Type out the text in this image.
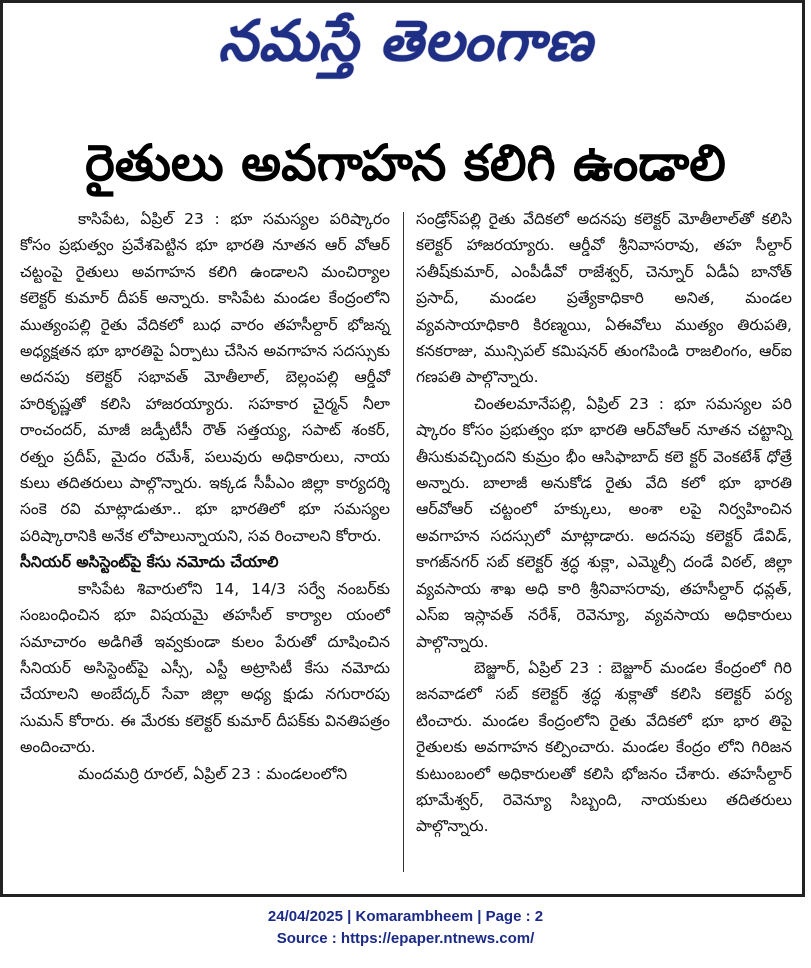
నమస్తే తెలంగాణ
రైతులు అవగాహన కలిగి ఉండాలి

కాసిపేట, ఏప్రిల్ 23 : భూ సమస్యల పరిష్కారం కోసం ప్రభుత్వం ప్రవేశపెట్టిన భూ భారతి నూతన ఆర్ వోఆర్ చట్టంపై రైతులు అవగాహన కలిగి ఉండాలని మంచిర్యాల కలెక్టర్ కుమార్ దీపక్ అన్నారు. కాసిపేట మండల కేంద్రంలోని ముత్యంపల్లి రైతు వేదికలో బుధ వారం తహసీల్దార్ భోజన్న అధ్యక్షతన భూ భారతిపై ఏర్పాటు చేసిన అవగాహన సదస్సుకు అదనపు కలెక్టర్ సభావత్ మోతీలాల్, బెల్లంపల్లి ఆర్డీవో హరికృష్ణతో కలిసి హాజరయ్యారు. సహకార చైర్మన్ నీలా రాంచందర్, మాజీ జడ్పీటీసీ రౌత్ సత్తయ్య, సపాట్ శంకర్, రత్నం ప్రదీప్, మైదం రమేశ్, పలువురు అధికారులు, నాయ కులు తదితరులు పాల్గొన్నారు. ఇక్కడ సీపీఎం జిల్లా కార్యదర్శి సంకె రవి మాట్లాడుతూ.. భూ భారతిలో భూ సమస్యల పరిష్కారానికి అనేక లోపాలున్నాయని, సవ రించాలని కోరారు.

సీనియర్ అసిస్టెంట్‌పై కేసు నమోదు చేయాలి

కాసిపేట శివారులోని 14, 14/3 సర్వే నంబర్‌కు సంబంధించిన భూ విషయమై తహసీల్ కార్యాల యంలో సమాచారం అడిగితే ఇవ్వకుండా కులం పేరుతో దూషించిన సీనియర్ అసిస్టెంట్‌పై ఎస్సీ, ఎస్టీ అట్రాసిటీ కేసు నమోదు చేయాలని అంబేద్కర్ సేవా జిల్లా అధ్య క్షుడు నగురారపు సుమన్ కోరారు. ఈ మేరకు కలెక్టర్ కుమార్ దీపక్‌కు వినతిపత్రం అందించారు.

మందమర్రి రూరల్, ఏప్రిల్ 23 : మండలంలోని

సండ్రోన్‌పల్లి రైతు వేదికలో అదనపు కలెక్టర్ మోతీలాల్‌తో కలిసి కలెక్టర్ హాజరయ్యారు. ఆర్డీవో శ్రీనివాసరావు, తహ సీల్దార్ సతీష్‌కుమార్, ఎంపీడీవో రాజేశ్వర్, చెన్నూర్ ఏడీఏ బానోత్ ప్రసాద్, మండల ప్రత్యేకాధికారి అనిత, మండల వ్యవసాయాధికారి కిరణ్మయి, ఏఈవోలు ముత్యం తిరుపతి, కనకరాజు, మున్సిపల్ కమిషనర్ తుంగపిండి రాజలింగం, ఆర్ఐ గణపతి పాల్గొన్నారు.

చింతలమానేపల్లి, ఏప్రిల్ 23 : భూ సమస్యల పరి ష్కారం కోసం ప్రభుత్వం భూ భారతి ఆర్‌వోఆర్ నూతన చట్టాన్ని తీసుకువచ్చిందని కుమ్రం భీం ఆసిఫాబాద్ కలె క్టర్ వెంకటేశ్ ధోత్రే అన్నారు. బాలాజీ అనుకోడ రైతు వేది కలో భూ భారతి ఆర్‌వోఆర్ చట్టంలో హక్కులు, అంశా లపై నిర్వహించిన అవగాహన సదస్సులో మాట్లాడారు. అదనపు కలెక్టర్ డేవిడ్, కాగజ్‌నగర్ సబ్ కలెక్టర్ శ్రద్ధ శుక్లా, ఎమ్మెల్సీ దండే విఠల్, జిల్లా వ్యవసాయ శాఖ అధి కారి శ్రీనివాసరావు, తహసీల్దార్ ధవ్లత్, ఎస్ఐ ఇస్లావత్ నరేశ్, రెవెన్యూ, వ్యవసాయ అధికారులు పాల్గొన్నారు.

బెజ్జూర్, ఏప్రిల్ 23 : బెజ్జూర్ మండల కేంద్రంలో గిరి జనవాడలో సబ్ కలెక్టర్ శ్రద్ధ శుక్లాతో కలిసి కలెక్టర్ పర్య టించారు. మండల కేంద్రంలోని రైతు వేదికలో భూ భార తిపై రైతులకు అవగాహన కల్పించారు. మండల కేంద్రం లోని గిరిజన కుటుంబంలో అధికారులతో కలిసి భోజనం చేశారు. తహసీల్దార్ భూమేశ్వర్, రెవెన్యూ సిబ్బంది, నాయకులు తదితరులు పాల్గొన్నారు.

24/04/2025 | Komarambheem | Page : 2
Source : https://epaper.ntnews.com/
